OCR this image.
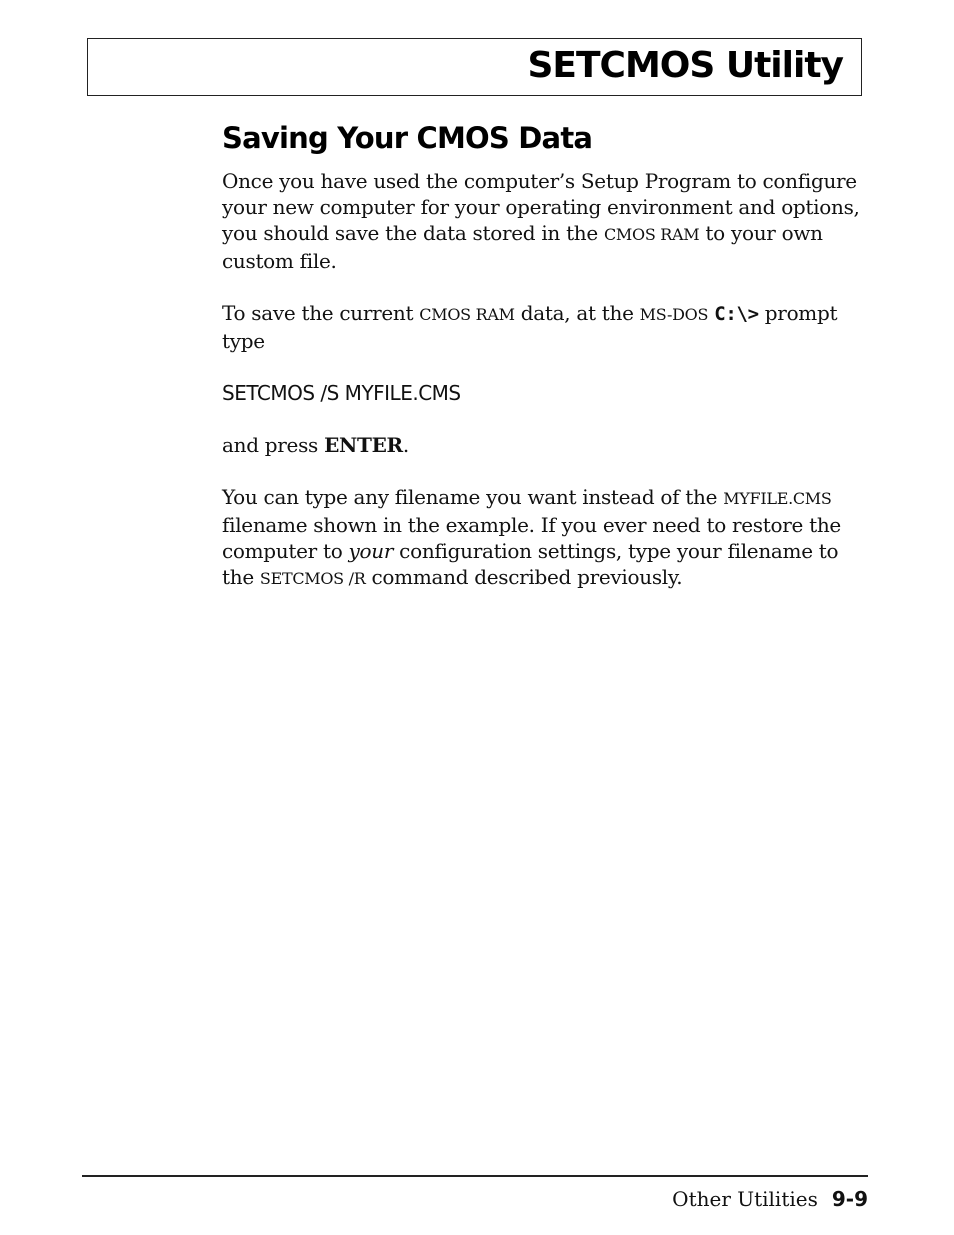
SETCMOS Utility
Saving Your CMOS Data

Once you have used the computer’s Setup Program to configure your new computer for your operating environment and options, you should save the data stored in the CMOS RAM to your own custom file.

To save the current CMOS RAM data, at the MS-DOS C:\> prompt type

SETCMOS /S MYFILE.CMS

and press ENTER.

You can type any filename you want instead of the MYFILE.CMS filename shown in the example. If you ever need to restore the computer to your configuration settings, type your filename to the SETCMOS /R command described previously.

Other Utilities 9-9
